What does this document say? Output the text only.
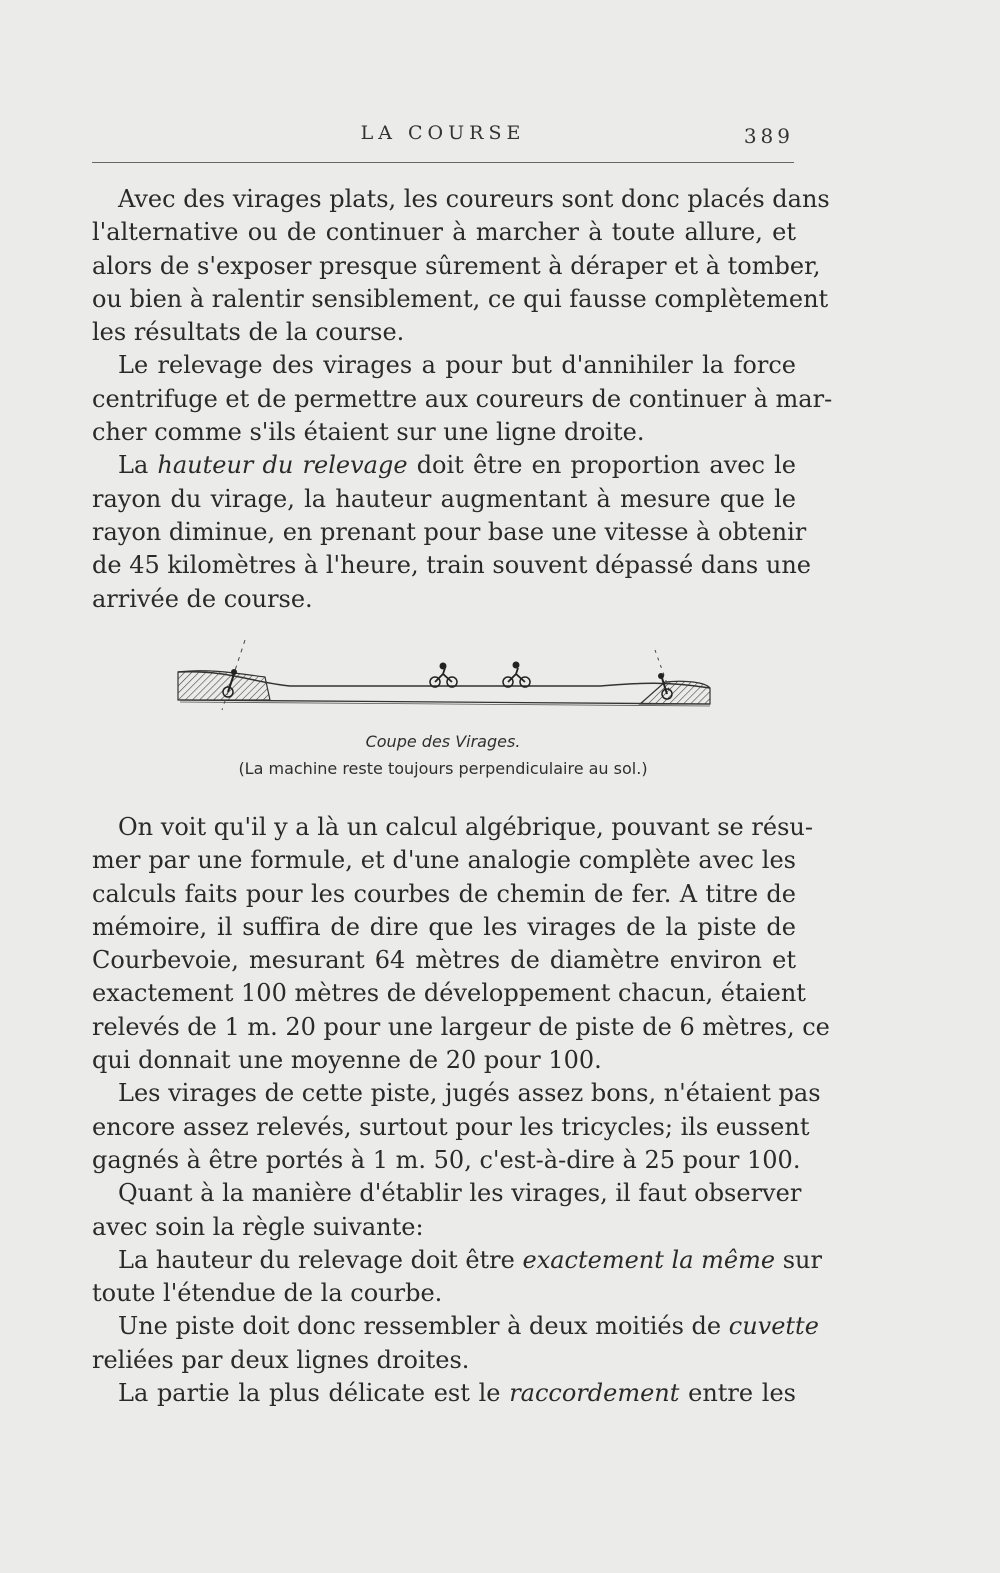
LA COURSE	389
Avec des virages plats, les coureurs sont donc placés dans
l'alternative ou de continuer à marcher à toute allure, et
alors de s'exposer presque sûrement à déraper et à tomber,
ou bien à ralentir sensiblement, ce qui fausse complètement
les résultats de la course.
Le relevage des virages a pour but d'annihiler la force
centrifuge et de permettre aux coureurs de continuer à mar-
cher comme s'ils étaient sur une ligne droite.
La hauteur du relevage doit être en proportion avec le
rayon du virage, la hauteur augmentant à mesure que le
rayon diminue, en prenant pour base une vitesse à obtenir
de 45 kilomètres à l'heure, train souvent dépassé dans une
arrivée de course.
Coupe des Virages.
(La machine reste toujours perpendiculaire au sol.)
On voit qu'il y a là un calcul algébrique, pouvant se résu-
mer par une formule, et d'une analogie complète avec les
calculs faits pour les courbes de chemin de fer. A titre de
mémoire, il suffira de dire que les virages de la piste de
Courbevoie, mesurant 64 mètres de diamètre environ et
exactement 100 mètres de développement chacun, étaient
relevés de 1 m. 20 pour une largeur de piste de 6 mètres, ce
qui donnait une moyenne de 20 pour 100.
Les virages de cette piste, jugés assez bons, n'étaient pas
encore assez relevés, surtout pour les tricycles; ils eussent
gagnés à être portés à 1 m. 50, c'est-à-dire à 25 pour 100.
Quant à la manière d'établir les virages, il faut observer
avec soin la règle suivante:
La hauteur du relevage doit être exactement la même sur
toute l'étendue de la courbe.
Une piste doit donc ressembler à deux moitiés de cuvette
reliées par deux lignes droites.
La partie la plus délicate est le raccordement entre les
